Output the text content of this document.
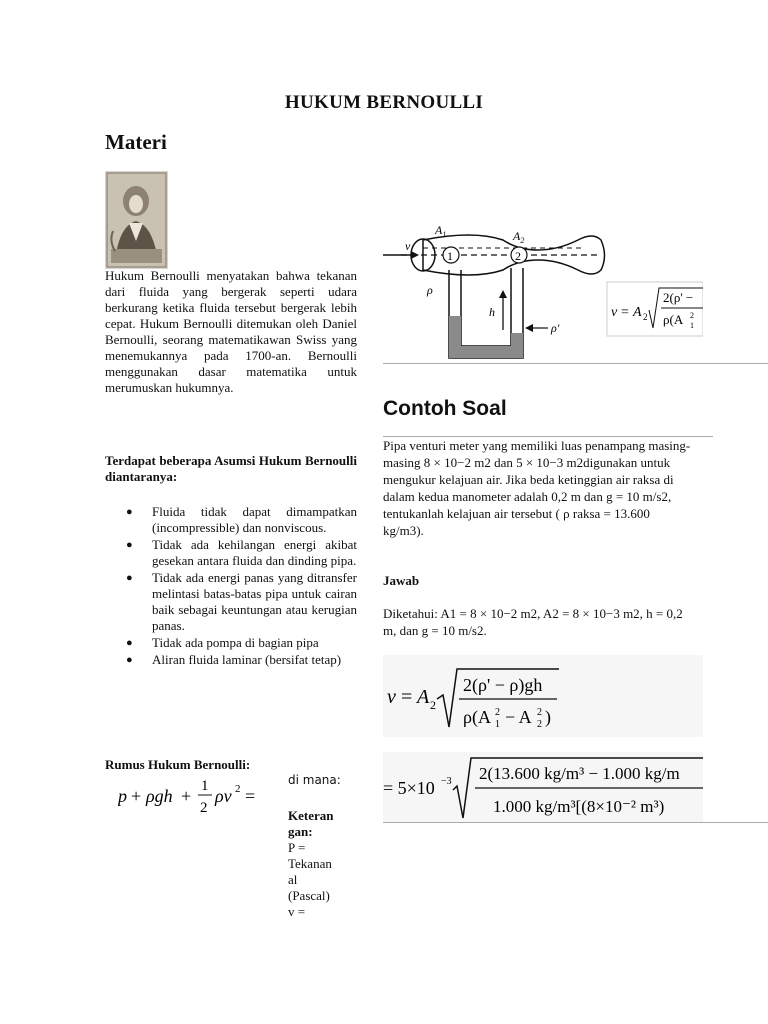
HUKUM BERNOULLI
Materi
Hukum Bernoulli menyatakan bahwa tekanan dari fluida yang bergerak seperti udara berkurang ketika fluida tersebut bergerak lebih cepat. Hukum Bernoulli ditemukan oleh Daniel Bernoulli, seorang matematikawan Swiss yang menemukannya pada 1700-an. Bernoulli menggunakan dasar matematika untuk merumuskan hukumnya.
Terdapat beberapa Asumsi Hukum Bernoulli diantaranya:
● Fluida tidak dapat dimampatkan (incompressible) dan nonviscous.
● Tidak ada kehilangan energi akibat gesekan antara fluida dan dinding pipa.
● Tidak ada energi panas yang ditransfer melintasi batas-batas pipa untuk cairan baik sebagai keuntungan atau kerugian panas.
● Tidak ada pompa di bagian pipa
● Aliran fluida laminar (bersifat tetap)
Rumus Hukum Bernoulli:
p + ρgh + 1
2
ρv 2 =
di mana:
Keteran
gan:
P =
Tekanan
al
(Pascal)
v =
v
$A_1$	$A_2$
1	2
ρ
h
ρ'
v = A 2
2(ρ' −
ρ(A 2
1
Contoh Soal
Pipa venturi meter yang memiliki luas penampang masing-masing 8 × 10−2 m2 dan 5 × 10−3 m2digunakan untuk mengukur kelajuan air. Jika beda ketinggian air raksa di dalam kedua manometer adalah 0,2 m dan g = 10 m/s2, tentukanlah kelajuan air tersebut ( ρ raksa = 13.600 kg/m3).
Jawab
Diketahui: A1 = 8 × 10−2 m2, A2 = 8 × 10−3 m2, h = 0,2 m, dan g = 10 m/s2.
v = A 2
2(ρ' − ρ)gh
ρ(A 2
1 − A 2
2 )
= 5×10 −3 2(13.600 kg/m³ − 1.000 kg/m
1.000 kg/m³[(8×10⁻² m³)
